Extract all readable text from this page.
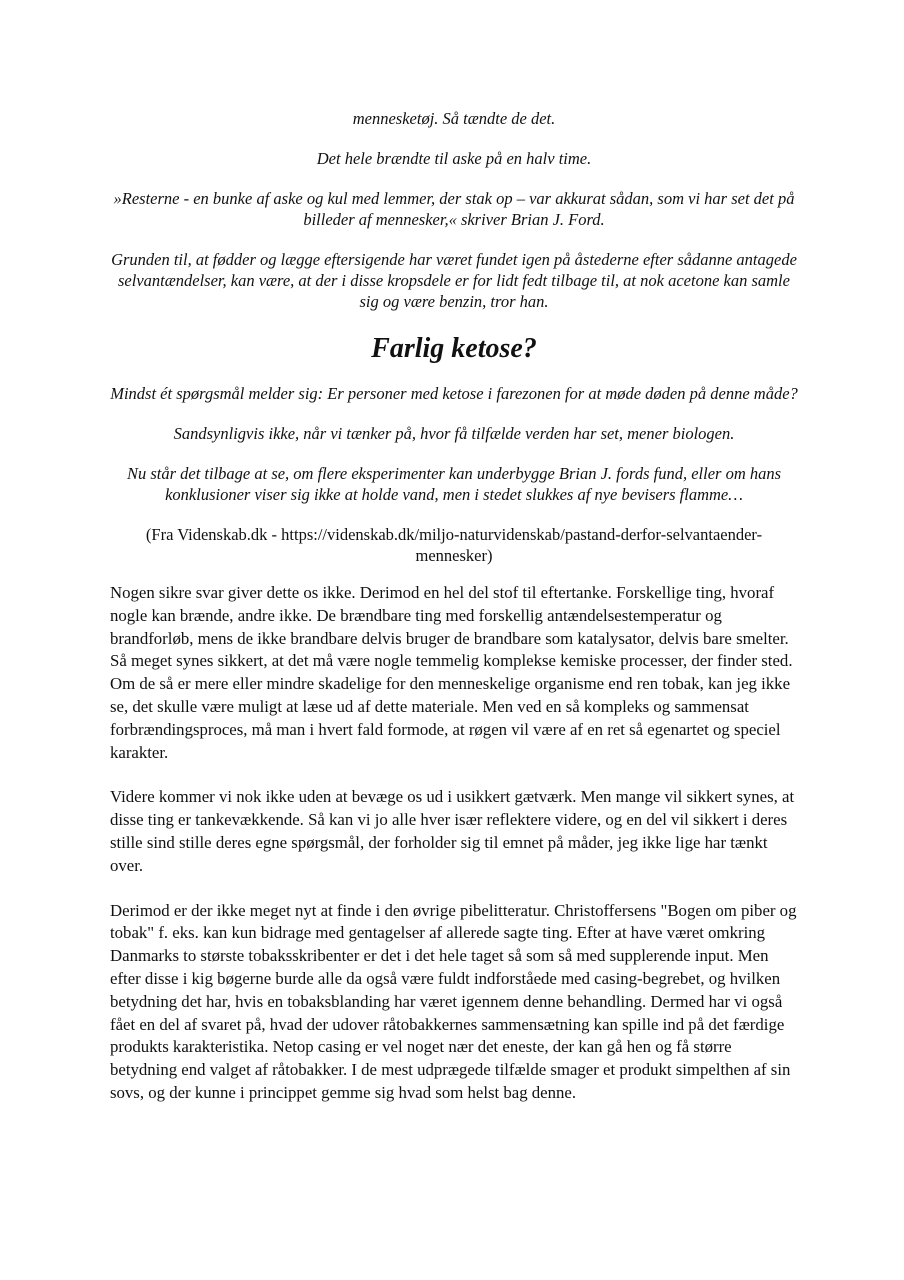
mennesketøj. Så tændte de det.

Det hele brændte til aske på en halv time.

»Resterne - en bunke af aske og kul med lemmer, der stak op – var akkurat sådan, som vi har set det på billeder af mennesker,« skriver Brian J. Ford.

Grunden til, at fødder og lægge eftersigende har været fundet igen på åstederne efter sådanne antagede selvantændelser, kan være, at der i disse kropsdele er for lidt fedt tilbage til, at nok acetone kan samle sig og være benzin, tror han.

Farlig ketose?

Mindst ét spørgsmål melder sig: Er personer med ketose i farezonen for at møde døden på denne måde?

Sandsynligvis ikke, når vi tænker på, hvor få tilfælde verden har set, mener biologen.

Nu står det tilbage at se, om flere eksperimenter kan underbygge Brian J. fords fund, eller om hans konklusioner viser sig ikke at holde vand, men i stedet slukkes af nye bevisers flamme…

(Fra Videnskab.dk - https://videnskab.dk/miljo-naturvidenskab/pastand-derfor-selvantaender-mennesker)

Nogen sikre svar giver dette os ikke. Derimod en hel del stof til eftertanke. Forskellige ting, hvoraf nogle kan brænde, andre ikke. De brændbare ting med forskellig antændelsestemperatur og brandforløb, mens de ikke brandbare delvis bruger de brandbare som katalysator, delvis bare smelter. Så meget synes sikkert, at det må være nogle temmelig komplekse kemiske processer, der finder sted. Om de så er mere eller mindre skadelige for den menneskelige organisme end ren tobak, kan jeg ikke se, det skulle være muligt at læse ud af dette materiale. Men ved en så kompleks og sammensat forbrændingsproces, må man i hvert fald formode, at røgen vil være af en ret så egenartet og speciel karakter.

Videre kommer vi nok ikke uden at bevæge os ud i usikkert gætværk. Men mange vil sikkert synes, at disse ting er tankevækkende. Så kan vi jo alle hver især reflektere videre, og en del vil sikkert i deres stille sind stille deres egne spørgsmål, der forholder sig til emnet på måder, jeg ikke lige har tænkt over.

Derimod er der ikke meget nyt at finde i den øvrige pibelitteratur. Christoffersens "Bogen om piber og tobak" f. eks. kan kun bidrage med gentagelser af allerede sagte ting. Efter at have været omkring Danmarks to største tobaksskribenter er det i det hele taget så som så med supplerende input. Men efter disse i kig bøgerne burde alle da også være fuldt indforståede med casing-begrebet, og hvilken betydning det har, hvis en tobaksblanding har været igennem denne behandling. Dermed har vi også fået en del af svaret på, hvad der udover råtobakkernes sammensætning kan spille ind på det færdige produkts karakteristika. Netop casing er vel noget nær det eneste, der kan gå hen og få større betydning end valget af råtobakker. I de mest udprægede tilfælde smager et produkt simpelthen af sin sovs, og der kunne i princippet gemme sig hvad som helst bag denne.
